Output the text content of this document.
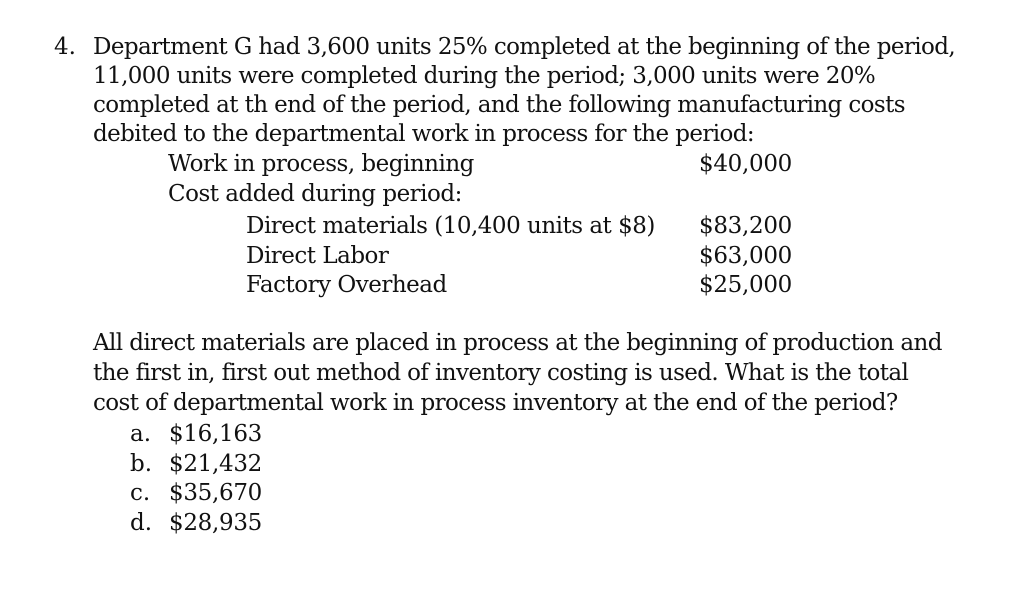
4. Department G had 3,600 units 25% completed at the beginning of the period,
11,000 units were completed during the period; 3,000 units were 20%
completed at th end of the period, and the following manufacturing costs
debited to the departmental work in process for the period:
Work in process, beginning	$40,000
Cost added during period:
Direct materials (10,400 units at $8) $83,200
Direct Labor	$63,000
Factory Overhead	$25,000
All direct materials are placed in process at the beginning of production and
the first in, first out method of inventory costing is used. What is the total
cost of departmental work in process inventory at the end of the period?
a. $16,163
b. $21,432
c. $35,670
d. $28,935
